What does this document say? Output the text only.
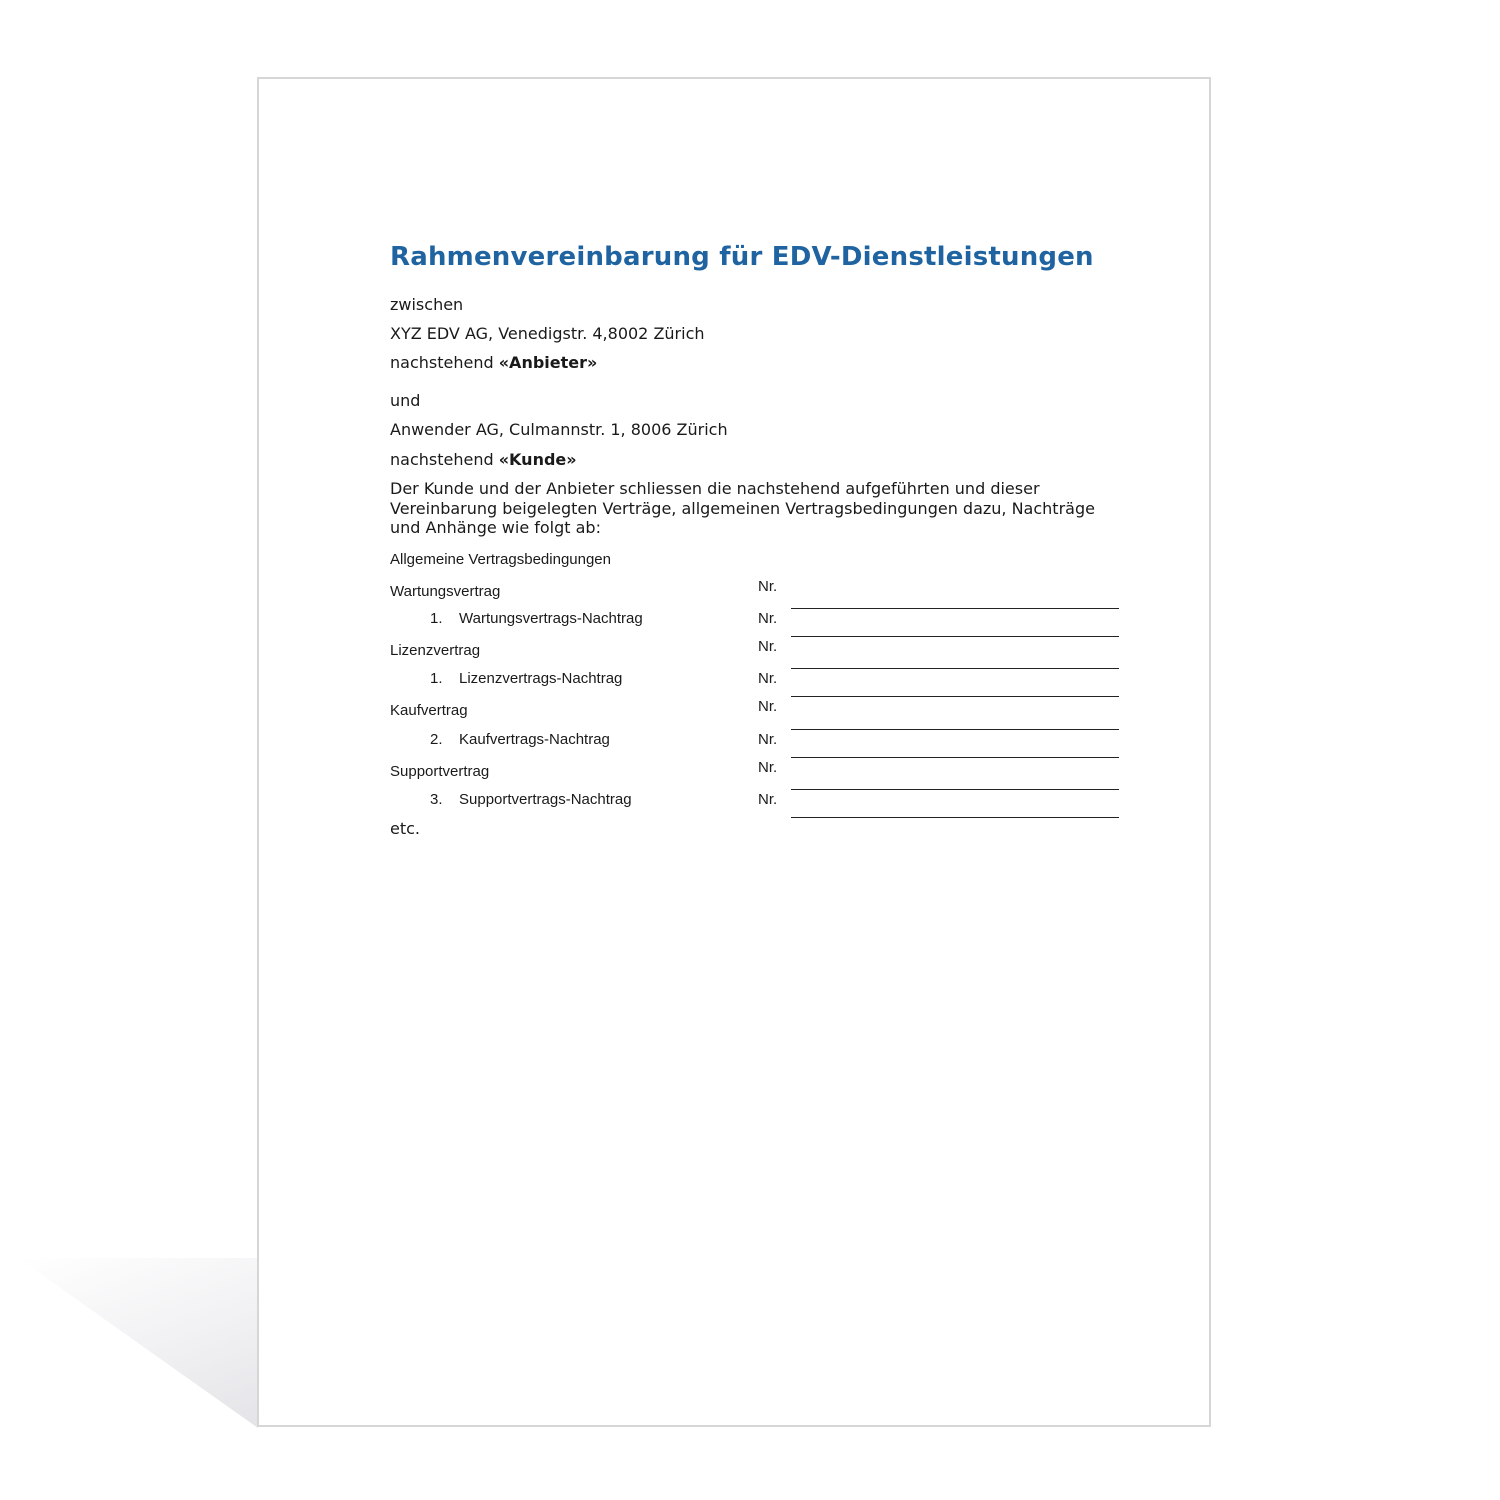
Rahmenvereinbarung für EDV-Dienstleistungen
zwischen
XYZ EDV AG, Venedigstr. 4,8002 Zürich
nachstehend «Anbieter»
und
Anwender AG, Culmannstr. 1, 8006 Zürich
nachstehend «Kunde»
Der Kunde und der Anbieter schliessen die nachstehend aufgeführten und dieser Vereinbarung beigelegten Verträge, allgemeinen Vertragsbedingungen dazu, Nachträge und Anhänge wie folgt ab:
Allgemeine Vertragsbedingungen
Wartungsvertrag	Nr.
1. Wartungsvertrags-Nachtrag	Nr.
Lizenzvertrag	Nr.
1. Lizenzvertrags-Nachtrag	Nr.
Kaufvertrag	Nr.
2. Kaufvertrags-Nachtrag	Nr.
Supportvertrag	Nr.
3. Supportvertrags-Nachtrag	Nr.
etc.
